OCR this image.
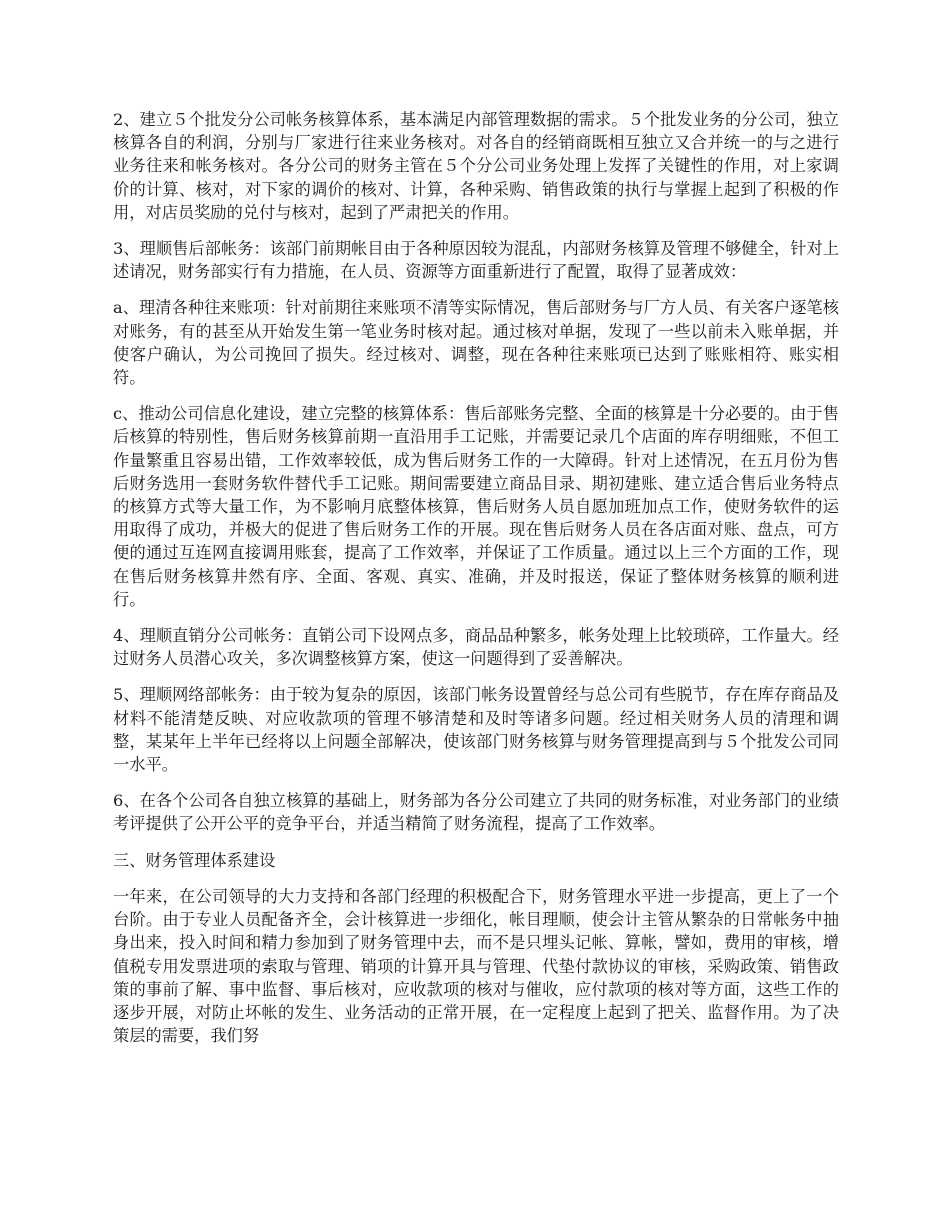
2、建立５个批发分公司帐务核算体系，基本满足内部管理数据的需求。５个批发业务的分公司，独立核算各自的利润，分别与厂家进行往来业务核对。对各自的经销商既相互独立又合并统一的与之进行业务往来和帐务核对。各分公司的财务主管在５个分公司业务处理上发挥了关键性的作用，对上家调价的计算、核对，对下家的调价的核对、计算，各种采购、销售政策的执行与掌握上起到了积极的作用，对店员奖励的兑付与核对，起到了严肃把关的作用。

3、理顺售后部帐务：该部门前期帐目由于各种原因较为混乱，内部财务核算及管理不够健全，针对上述请况，财务部实行有力措施，在人员、资源等方面重新进行了配置，取得了显著成效：

a、理清各种往来账项：针对前期往来账项不清等实际情况，售后部财务与厂方人员、有关客户逐笔核对账务，有的甚至从开始发生第一笔业务时核对起。通过核对单据，发现了一些以前未入账单据，并使客户确认，为公司挽回了损失。经过核对、调整，现在各种往来账项已达到了账账相符、账实相符。

c、推动公司信息化建设，建立完整的核算体系：售后部账务完整、全面的核算是十分必要的。由于售后核算的特别性，售后财务核算前期一直沿用手工记账，并需要记录几个店面的库存明细账，不但工作量繁重且容易出错，工作效率较低，成为售后财务工作的一大障碍。针对上述情况，在五月份为售后财务选用一套财务软件替代手工记账。期间需要建立商品目录、期初建账、建立适合售后业务特点的核算方式等大量工作，为不影响月底整体核算，售后财务人员自愿加班加点工作，使财务软件的运用取得了成功，并极大的促进了售后财务工作的开展。现在售后财务人员在各店面对账、盘点，可方便的通过互连网直接调用账套，提高了工作效率，并保证了工作质量。通过以上三个方面的工作，现在售后财务核算井然有序、全面、客观、真实、准确，并及时报送，保证了整体财务核算的顺利进行。

4、理顺直销分公司帐务：直销公司下设网点多，商品品种繁多，帐务处理上比较琐碎，工作量大。经过财务人员潜心攻关，多次调整核算方案，使这一问题得到了妥善解决。

5、理顺网络部帐务：由于较为复杂的原因，该部门帐务设置曾经与总公司有些脱节，存在库存商品及材料不能清楚反映、对应收款项的管理不够清楚和及时等诸多问题。经过相关财务人员的清理和调整，某某年上半年已经将以上问题全部解决，使该部门财务核算与财务管理提高到与５个批发公司同一水平。

6、在各个公司各自独立核算的基础上，财务部为各分公司建立了共同的财务标准，对业务部门的业绩考评提供了公开公平的竞争平台，并适当精简了财务流程，提高了工作效率。

三、财务管理体系建设

一年来，在公司领导的大力支持和各部门经理的积极配合下，财务管理水平进一步提高，更上了一个台阶。由于专业人员配备齐全，会计核算进一步细化，帐目理顺，使会计主管从繁杂的日常帐务中抽身出来，投入时间和精力参加到了财务管理中去，而不是只埋头记帐、算帐，譬如，费用的审核，增值税专用发票进项的索取与管理、销项的计算开具与管理、代垫付款协议的审核，采购政策、销售政策的事前了解、事中监督、事后核对，应收款项的核对与催收，应付款项的核对等方面，这些工作的逐步开展，对防止坏帐的发生、业务活动的正常开展，在一定程度上起到了把关、监督作用。为了决策层的需要，我们努
